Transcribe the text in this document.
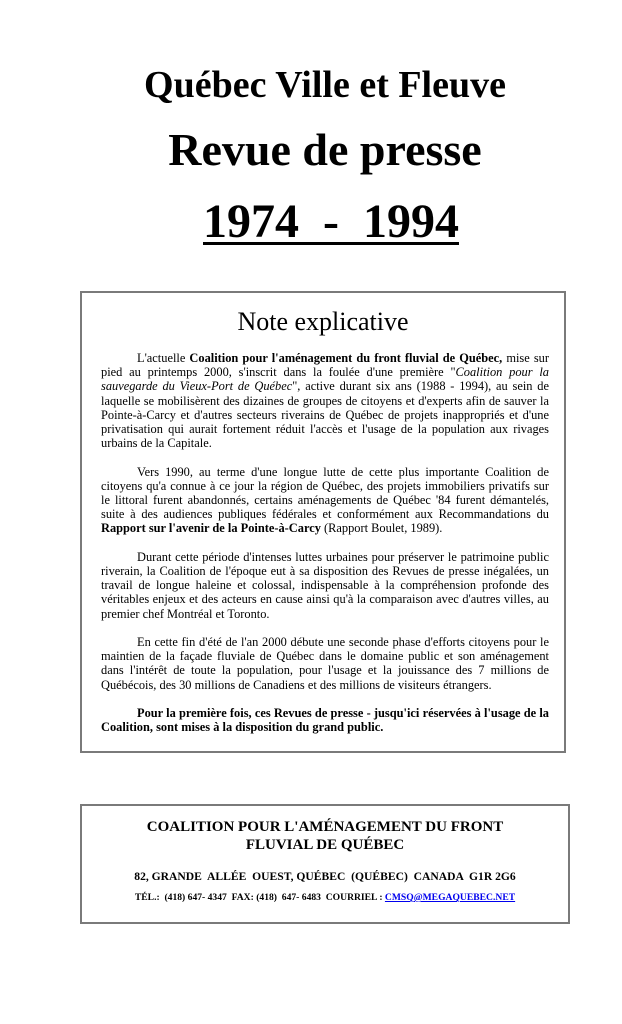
Québec Ville et Fleuve
Revue de presse
1974  -  1994
Note explicative

L'actuelle Coalition pour l'aménagement du front fluvial de Québec, mise sur pied au printemps 2000, s'inscrit dans la foulée d'une première "Coalition pour la sauvegarde du Vieux-Port de Québec", active durant six ans (1988 - 1994), au sein de laquelle se mobilisèrent des dizaines de groupes de citoyens et d'experts afin de sauver la Pointe-à-Carcy et d'autres secteurs riverains de Québec de projets inappropriés et d'une privatisation qui aurait fortement réduit l'accès et l'usage de la population aux rivages urbains de la Capitale.

Vers 1990, au terme d'une longue lutte de cette plus importante Coalition de citoyens qu'a connue à ce jour la région de Québec, des projets immobiliers privatifs sur le littoral furent abandonnés, certains aménagements de Québec '84 furent démantelés, suite à des audiences publiques fédérales et conformément aux Recommandations du Rapport sur l'avenir de la Pointe-à-Carcy (Rapport Boulet, 1989).

Durant cette période d'intenses luttes urbaines pour préserver le patrimoine public riverain, la Coalition de l'époque eut à sa disposition des Revues de presse inégalées, un travail de longue haleine et colossal, indispensable à la compréhension profonde des véritables enjeux et des acteurs en cause ainsi qu'à la comparaison avec d'autres villes, au premier chef Montréal et Toronto.

En cette fin d'été de l'an 2000 débute une seconde phase d'efforts citoyens pour le maintien de la façade fluviale de Québec dans le domaine public et son aménagement dans l'intérêt de toute la population, pour l'usage et la jouissance des 7 millions de Québécois, des 30 millions de Canadiens et des millions de visiteurs étrangers.

Pour la première fois, ces Revues de presse - jusqu'ici réservées à l'usage de la Coalition, sont mises à la disposition du grand public.

COALITION POUR L'AMÉNAGEMENT DU FRONT
FLUVIAL DE QUÉBEC
82, GRANDE  ALLÉE  OUEST, QUÉBEC  (QUÉBEC)  CANADA  G1R 2G6
TÉL.:  (418) 647- 4347  FAX: (418)  647- 6483  COURRIEL : CMSQ@MEGAQUEBEC.NET
